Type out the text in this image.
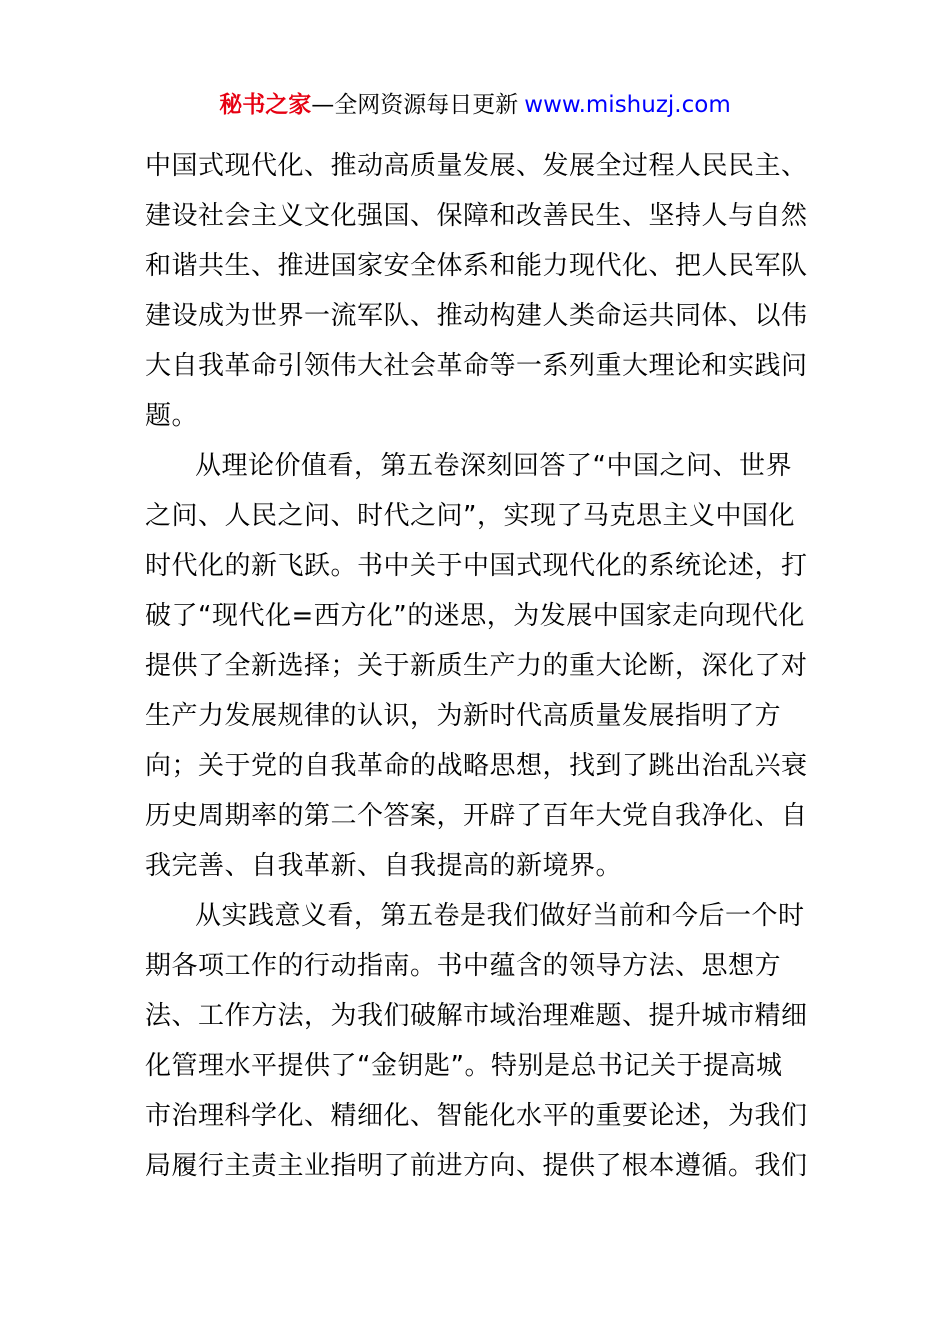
秘书之家—全网资源每日更新 www.mishuzj.com
中国式现代化、推动高质量发展、发展全过程人民民主、
建设社会主义文化强国、保障和改善民生、坚持人与自然
和谐共生、推进国家安全体系和能力现代化、把人民军队
建设成为世界一流军队、推动构建人类命运共同体、以伟
大自我革命引领伟大社会革命等一系列重大理论和实践问
题。
从理论价值看，第五卷深刻回答了“中国之问、世界
之问、人民之问、时代之问”，实现了马克思主义中国化
时代化的新飞跃。书中关于中国式现代化的系统论述，打
破了“现代化=西方化”的迷思，为发展中国家走向现代化
提供了全新选择；关于新质生产力的重大论断，深化了对
生产力发展规律的认识，为新时代高质量发展指明了方
向；关于党的自我革命的战略思想，找到了跳出治乱兴衰
历史周期率的第二个答案，开辟了百年大党自我净化、自
我完善、自我革新、自我提高的新境界。
从实践意义看，第五卷是我们做好当前和今后一个时
期各项工作的行动指南。书中蕴含的领导方法、思想方
法、工作方法，为我们破解市域治理难题、提升城市精细
化管理水平提供了“金钥匙”。特别是总书记关于提高城
市治理科学化、精细化、智能化水平的重要论述，为我们
局履行主责主业指明了前进方向、提供了根本遵循。我们
